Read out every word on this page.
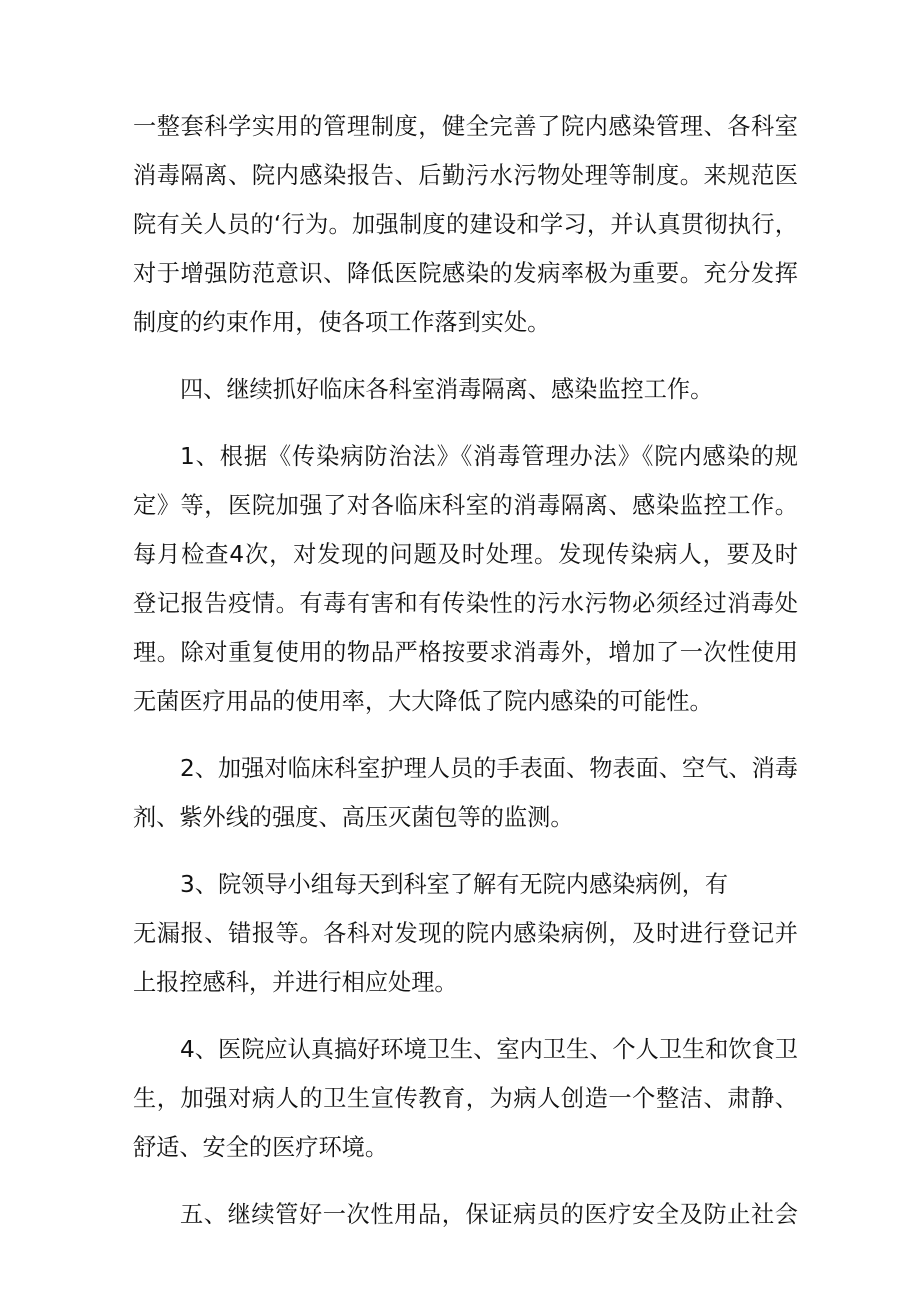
一整套科学实用的管理制度，健全完善了院内感染管理、各科室
消毒隔离、院内感染报告、后勤污水污物处理等制度。来规范医
院有关人员的‘行为。加强制度的建设和学习，并认真贯彻执行，
对于增强防范意识、降低医院感染的发病率极为重要。充分发挥
制度的约束作用，使各项工作落到实处。

四、继续抓好临床各科室消毒隔离、感染监控工作。

1、根据《传染病防治法》《消毒管理办法》《院内感染的规
定》等，医院加强了对各临床科室的消毒隔离、感染监控工作。
每月检查4次，对发现的问题及时处理。发现传染病人，要及时
登记报告疫情。有毒有害和有传染性的污水污物必须经过消毒处
理。除对重复使用的物品严格按要求消毒外，增加了一次性使用
无菌医疗用品的使用率，大大降低了院内感染的可能性。

2、加强对临床科室护理人员的手表面、物表面、空气、消毒
剂、紫外线的强度、高压灭菌包等的监测。

3、院领导小组每天到科室了解有无院内感染病例，有
无漏报、错报等。各科对发现的院内感染病例，及时进行登记并
上报控感科，并进行相应处理。

4、医院应认真搞好环境卫生、室内卫生、个人卫生和饮食卫
生，加强对病人的卫生宣传教育，为病人创造一个整洁、肃静、
舒适、安全的医疗环境。

五、继续管好一次性用品，保证病员的医疗安全及防止社会
